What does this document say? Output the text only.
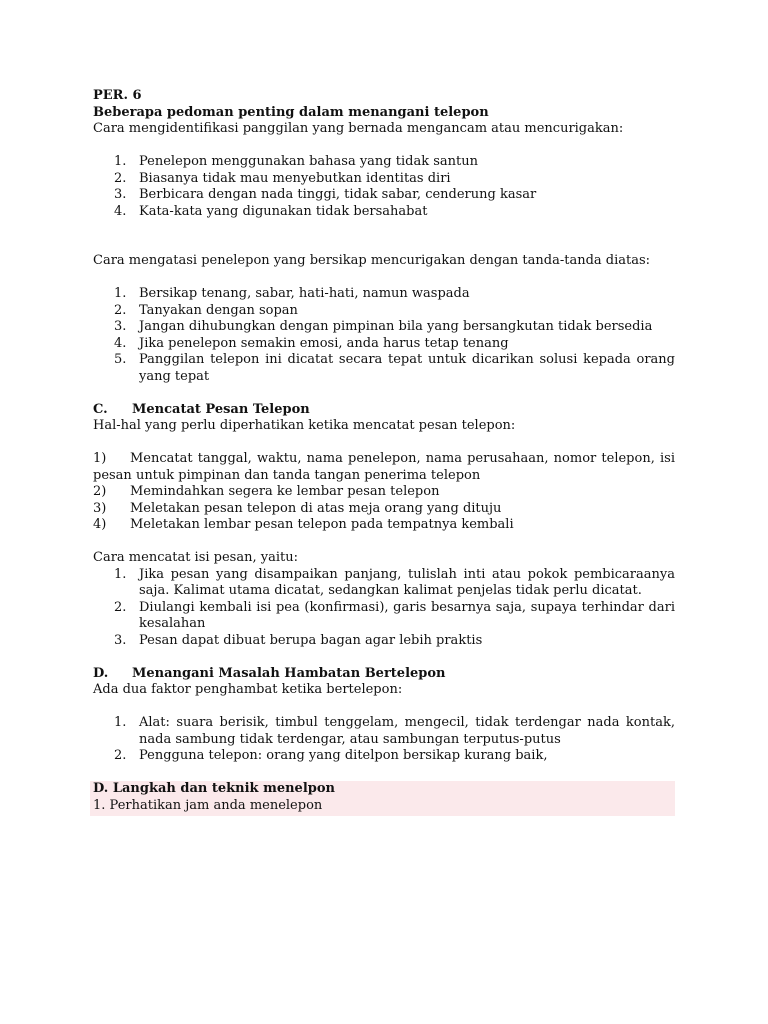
PER. 6
Beberapa pedoman penting dalam menangani telepon
Cara mengidentifikasi panggilan yang bernada mengancam atau mencurigakan:
1. Penelepon menggunakan bahasa yang tidak santun
2. Biasanya tidak mau menyebutkan identitas diri
3. Berbicara dengan nada tinggi, tidak sabar, cenderung kasar
4. Kata-kata yang digunakan tidak bersahabat
Cara mengatasi penelepon yang bersikap mencurigakan dengan tanda-tanda diatas:
1. Bersikap tenang, sabar, hati-hati, namun waspada
2. Tanyakan dengan sopan
3. Jangan dihubungkan dengan pimpinan bila yang bersangkutan tidak bersedia
4. Jika penelepon semakin emosi, anda harus tetap tenang
5. Panggilan telepon ini dicatat secara tepat untuk dicarikan solusi kepada orang yang tepat
C.	Mencatat Pesan Telepon
Hal-hal yang perlu diperhatikan ketika mencatat pesan telepon:
1) Mencatat tanggal, waktu, nama penelepon, nama perusahaan, nomor telepon, isi pesan untuk pimpinan dan tanda tangan penerima telepon
2) Memindahkan segera ke lembar pesan telepon
3) Meletakan pesan telepon di atas meja orang yang dituju
4) Meletakan lembar pesan telepon pada tempatnya kembali
Cara mencatat isi pesan, yaitu:
1. Jika pesan yang disampaikan panjang, tulislah inti atau pokok pembicaraanya saja. Kalimat utama dicatat, sedangkan kalimat penjelas tidak perlu dicatat.
2. Diulangi kembali isi pea (konfirmasi), garis besarnya saja, supaya terhindar dari kesalahan
3. Pesan dapat dibuat berupa bagan agar lebih praktis
D.	Menangani Masalah Hambatan Bertelepon
Ada dua faktor penghambat ketika bertelepon:
1. Alat: suara berisik, timbul tenggelam, mengecil, tidak terdengar nada kontak, nada sambung tidak terdengar, atau sambungan terputus-putus
2. Pengguna telepon: orang yang ditelpon bersikap kurang baik,
D. Langkah dan teknik menelpon
1. Perhatikan jam anda menelepon
